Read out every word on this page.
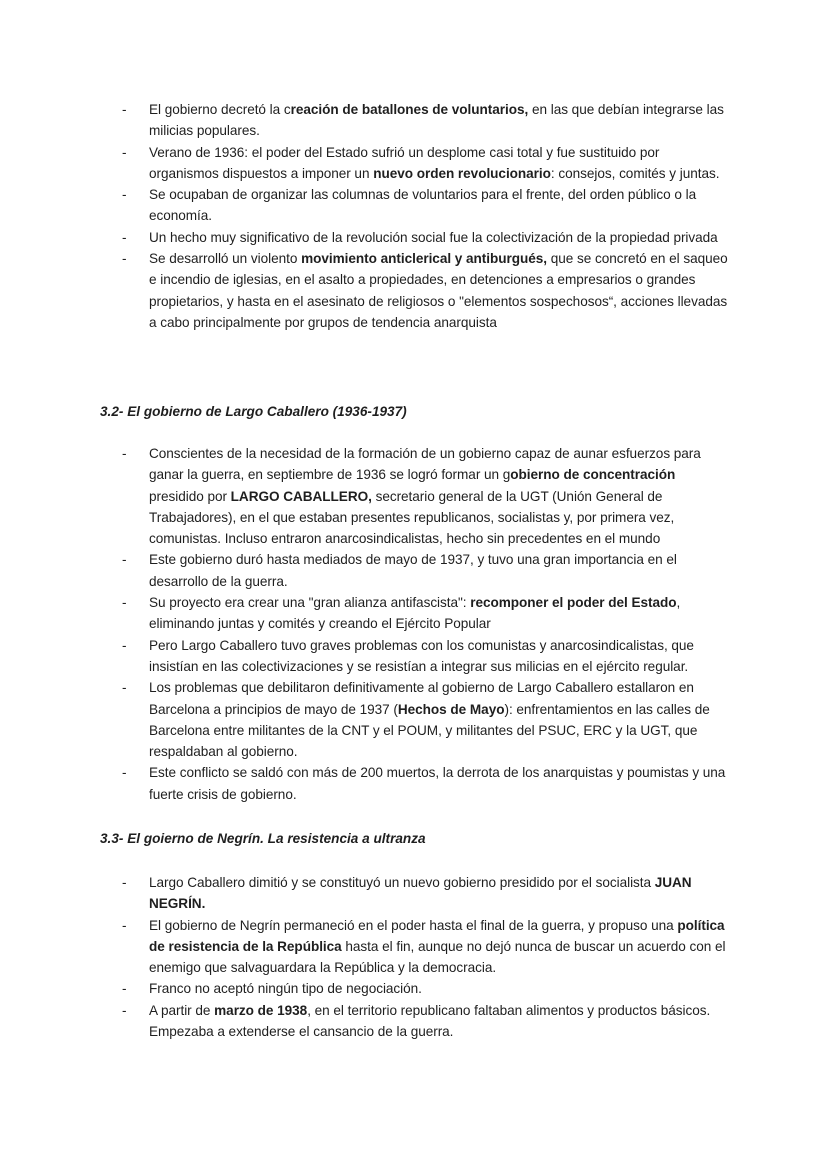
-	El gobierno decretó la creación de batallones de voluntarios, en las que debían integrarse las milicias populares.
-	Verano de 1936: el poder del Estado sufrió un desplome casi total y fue sustituido por organismos dispuestos a imponer un nuevo orden revolucionario: consejos, comités y juntas.
-	Se ocupaban de organizar las columnas de voluntarios para el frente, del orden público o la economía.
-	Un hecho muy significativo de la revolución social fue la colectivización de la propiedad privada
-	Se desarrolló un violento movimiento anticlerical y antiburgués, que se concretó en el saqueo e incendio de iglesias, en el asalto a propiedades, en detenciones a empresarios o grandes propietarios, y hasta en el asesinato de religiosos o "elementos sospechosos“, acciones llevadas a cabo principalmente por grupos de tendencia anarquista
3.2- El gobierno de Largo Caballero (1936-1937)
-	Conscientes de la necesidad de la formación de un gobierno capaz de aunar esfuerzos para ganar la guerra, en septiembre de 1936 se logró formar un gobierno de concentración presidido por LARGO CABALLERO, secretario general de la UGT (Unión General de Trabajadores), en el que estaban presentes republicanos, socialistas y, por primera vez, comunistas. Incluso entraron anarcosindicalistas, hecho sin precedentes en el mundo
-	Este gobierno duró hasta mediados de mayo de 1937, y tuvo una gran importancia en el desarrollo de la guerra.
-	Su proyecto era crear una "gran alianza antifascista": recomponer el poder del Estado, eliminando juntas y comités y creando el Ejército Popular
-	Pero Largo Caballero tuvo graves problemas con los comunistas y anarcosindicalistas, que insistían en las colectivizaciones y se resistían a integrar sus milicias en el ejército regular.
-	Los problemas que debilitaron definitivamente al gobierno de Largo Caballero estallaron en Barcelona a principios de mayo de 1937 (Hechos de Mayo): enfrentamientos en las calles de Barcelona entre militantes de la CNT y el POUM, y militantes del PSUC, ERC y la UGT, que respaldaban al gobierno.
-	Este conflicto se saldó con más de 200 muertos, la derrota de los anarquistas y poumistas y una fuerte crisis de gobierno.
3.3- El goierno de Negrín. La resistencia a ultranza
-	Largo Caballero dimitió y se constituyó un nuevo gobierno presidido por el socialista JUAN NEGRÍN.
-	El gobierno de Negrín permaneció en el poder hasta el final de la guerra, y propuso una política de resistencia de la República hasta el fin, aunque no dejó nunca de buscar un acuerdo con el enemigo que salvaguardara la República y la democracia.
-	Franco no aceptó ningún tipo de negociación.
-	A partir de marzo de 1938, en el territorio republicano faltaban alimentos y productos básicos. Empezaba a extenderse el cansancio de la guerra.
